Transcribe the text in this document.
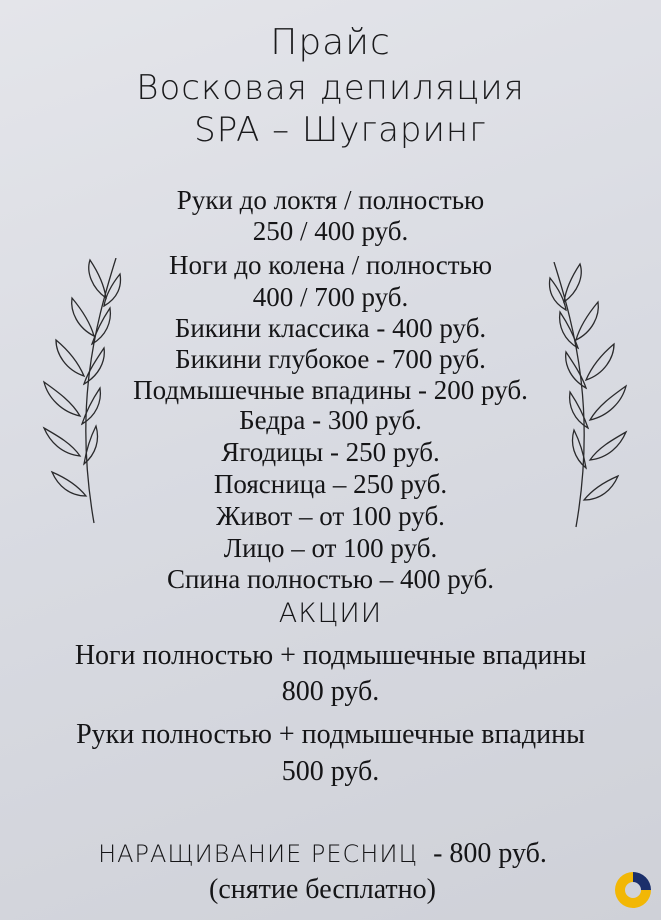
Прайс
Восковая депиляция
SPA – Шугаринг
Руки до локтя / полностью
250 / 400 руб.
Ноги до колена / полностью
400 / 700 руб.
Бикини классика - 400 руб.
Бикини глубокое - 700 руб.
Подмышечные впадины - 200 руб.
Бедра - 300 руб.
Ягодицы - 250 руб.
Поясница – 250 руб.
Живот – от 100 руб.
Лицо – от 100 руб.
Спина полностью – 400 руб.
АКЦИИ
Ноги полностью + подмышечные впадины
800 руб.
Руки полностью + подмышечные впадины
500 руб.
НАРАЩИВАНИЕ РЕСНИЦ - 800 руб.
(снятие бесплатно)
